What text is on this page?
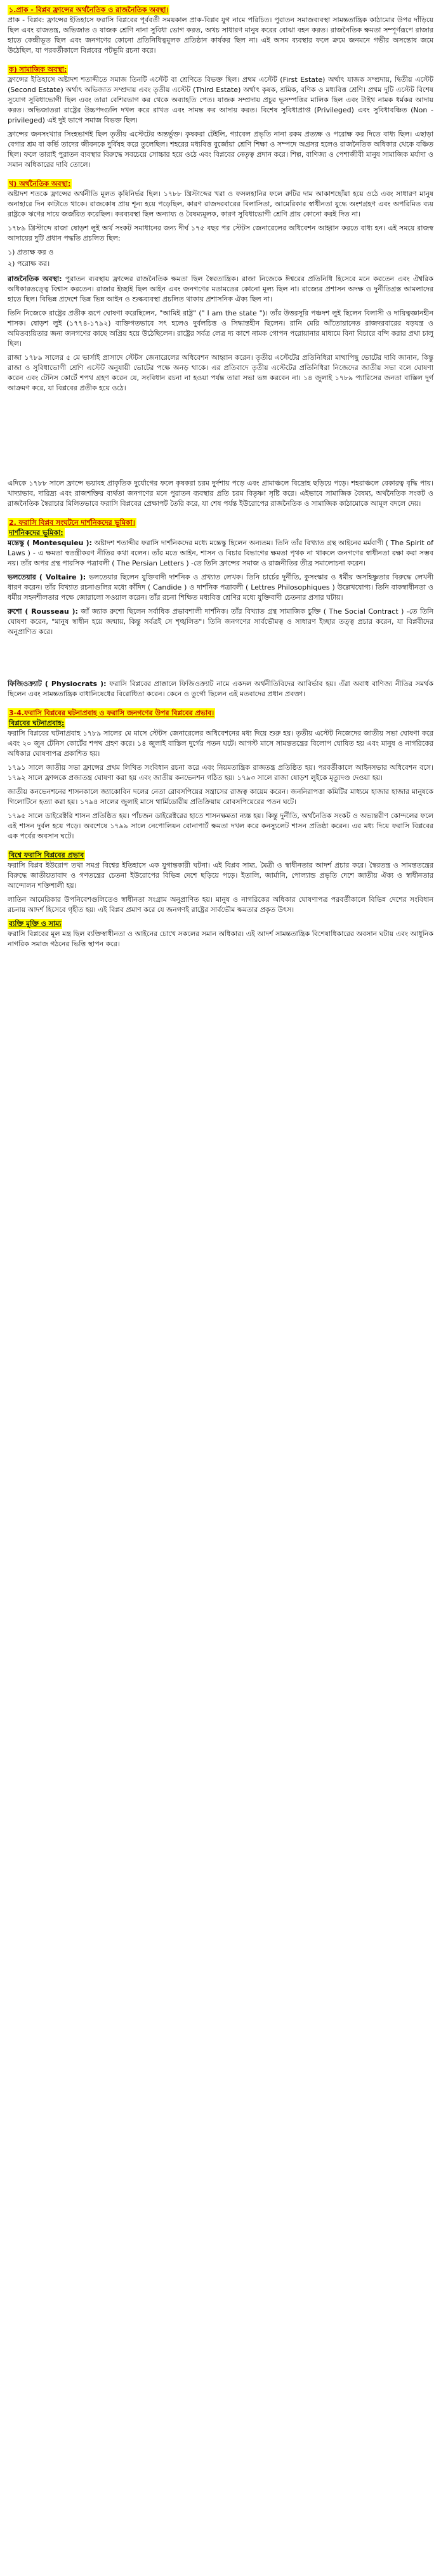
১.প্রাক - বিপ্লব ফ্রান্সের অর্থনৈতিক ও রাজনৈতিক অবস্থা।

প্রাক - বিপ্লব: ফ্রান্সের ইতিহাসে ফরাসি বিপ্লবের পূর্ববর্তী সময়কাল প্রাক-বিপ্লব যুগ নামে পরিচিত। পুরাতন সমাজব্যবস্থা সামন্ততান্ত্রিক কাঠামোর উপর দাঁড়িয়ে ছিল এবং রাজতন্ত্র, অভিজাত ও যাজক শ্রেণি নানা সুবিধা ভোগ করত, অথচ সাধারণ মানুষ করের বোঝা বহন করত। রাজনৈতিক ক্ষমতা সম্পূর্ণরূপে রাজার হাতে কেন্দ্রীভূত ছিল এবং জনগণের কোনো প্রতিনিধিত্বমূলক প্রতিষ্ঠান কার্যকর ছিল না। এই অসম ব্যবস্থার ফলে ক্রমে জনমনে গভীর অসন্তোষ জমে উঠেছিল, যা পরবর্তীকালে বিপ্লবের পটভূমি রচনা করে।

ক) সামাজিক অবস্থা:

ফ্রান্সের ইতিহাসে অষ্টাদশ শতাব্দীতে সমাজ তিনটি এস্টেট বা শ্রেণিতে বিভক্ত ছিল। প্রথম এস্টেট (First Estate) অর্থাৎ যাজক সম্প্রদায়, দ্বিতীয় এস্টেট (Second Estate) অর্থাৎ অভিজাত সম্প্রদায় এবং তৃতীয় এস্টেট (Third Estate) অর্থাৎ কৃষক, শ্রমিক, বণিক ও মধ্যবিত্ত শ্রেণি। প্রথম দুটি এস্টেট বিশেষ সুযোগ সুবিধাভোগী ছিল এবং তারা বেশিরভাগ কর থেকে অব্যাহতি পেত। যাজক সম্প্রদায় প্রচুর ভূসম্পত্তির মালিক ছিল এবং টাইথ নামক ধর্মকর আদায় করত। অভিজাতরা রাষ্ট্রের উচ্চপদগুলি দখল করে রাখত এবং সামন্ত কর আদায় করত। বিশেষ সুবিধাপ্রাপ্ত (Privileged) এবং সুবিধাবঞ্চিত (Non - privileged) এই দুই ভাগে সমাজ বিভক্ত ছিল।

ফ্রান্সের জনসংখ্যার সিংহভাগই ছিল তৃতীয় এস্টেটের অন্তর্ভুক্ত। কৃষকরা টেইলি, গ্যাবেল প্রভৃতি নানা রকম প্রত্যক্ষ ও পরোক্ষ কর দিতে বাধ্য ছিল। এছাড়া বেগার শ্রম বা কর্ভি তাদের জীবনকে দুর্বিষহ করে তুলেছিল। শহরের মধ্যবিত্ত বুর্জোয়া শ্রেণি শিক্ষা ও সম্পদে অগ্রসর হলেও রাজনৈতিক অধিকার থেকে বঞ্চিত ছিল। ফলে তারাই পুরাতন ব্যবস্থার বিরুদ্ধে সবচেয়ে সোচ্চার হয়ে ওঠে এবং বিপ্লবের নেতৃত্ব প্রদান করে। শিল্প, বাণিজ্য ও পেশাজীবী মানুষ সামাজিক মর্যাদা ও সমান অধিকারের দাবি তোলে।

খ) অর্থনৈতিক অবস্থা:

অষ্টাদশ শতকে ফ্রান্সের অর্থনীতি মূলত কৃষিনির্ভর ছিল। ১৭৮৮ খ্রিস্টাব্দের খরা ও ফসলহানির ফলে রুটির দাম আকাশছোঁয়া হয়ে ওঠে এবং সাধারণ মানুষ অনাহারে দিন কাটাতে থাকে। রাজকোষ প্রায় শূন্য হয়ে পড়েছিল, কারণ রাজদরবারের বিলাসিতা, আমেরিকার স্বাধীনতা যুদ্ধে অংশগ্রহণ এবং অপরিমিত ব্যয় রাষ্ট্রকে ঋণের দায়ে জর্জরিত করেছিল। করব্যবস্থা ছিল অন্যায্য ও বৈষম্যমূলক, কারণ সুবিধাভোগী শ্রেণি প্রায় কোনো করই দিত না।

১৭৮৯ খ্রিস্টাব্দে রাজা ষোড়শ লুই অর্থ সংকট সমাধানের জন্য দীর্ঘ ১৭৫ বছর পর স্টেটস জেনারেলের অধিবেশন আহ্বান করতে বাধ্য হন। এই সময়ে রাজস্ব আদায়ের দুটি প্রধান পদ্ধতি প্রচলিত ছিল:

১) প্রত্যক্ষ কর ও
২) পরোক্ষ কর।

রাজনৈতিক অবস্থা: পুরাতন ব্যবস্থায় ফ্রান্সের রাজনৈতিক ক্ষমতা ছিল স্বৈরতান্ত্রিক। রাজা নিজেকে ঈশ্বরের প্রতিনিধি হিসেবে মনে করতেন এবং ঐশ্বরিক অধিকারতত্ত্বে বিশ্বাস করতেন। রাজার ইচ্ছাই ছিল আইন এবং জনগণের মতামতের কোনো মূল্য ছিল না। রাজ্যের প্রশাসন অদক্ষ ও দুর্নীতিগ্রস্ত আমলাদের হাতে ছিল। বিভিন্ন প্রদেশে ভিন্ন ভিন্ন আইন ও শুল্কব্যবস্থা প্রচলিত থাকায় প্রশাসনিক ঐক্য ছিল না।

তিনি নিজেকে রাষ্ট্রের প্রতীক রূপে ঘোষণা করেছিলেন, "আমিই রাষ্ট্র" (" I am the state ")। তাঁর উত্তরসূরি পঞ্চদশ লুই ছিলেন বিলাসী ও দায়িত্বজ্ঞানহীন শাসক। ষোড়শ লুই (১৭৭৪-১৭৯২) ব্যক্তিগতভাবে সৎ হলেও দুর্বলচিত্ত ও সিদ্ধান্তহীন ছিলেন। রানি মেরি আঁতোয়ানেত রাজদরবারের ষড়যন্ত্র ও অমিতব্যয়িতার জন্য জনগণের কাছে অপ্রিয় হয়ে উঠেছিলেন। রাষ্ট্রের সর্বত্র লেত্র দ্য কাশে নামক গোপন পরোয়ানার মাধ্যমে বিনা বিচারে বন্দি করার প্রথা চালু ছিল।

রাজা ১৭৮৯ সালের ৫ মে ভার্সাই প্রাসাদে স্টেটস জেনারেলের অধিবেশন আহ্বান করেন। তৃতীয় এস্টেটের প্রতিনিধিরা মাথাপিছু ভোটের দাবি জানান, কিন্তু রাজা ও সুবিধাভোগী শ্রেণি এস্টেট অনুযায়ী ভোটের পক্ষে অনড় থাকে। এর প্রতিবাদে তৃতীয় এস্টেটের প্রতিনিধিরা নিজেদের জাতীয় সভা বলে ঘোষণা করেন এবং টেনিস কোর্টে শপথ গ্রহণ করেন যে, সংবিধান রচনা না হওয়া পর্যন্ত তারা সভা ভঙ্গ করবেন না। ১৪ জুলাই ১৭৮৯ প্যারিসের জনতা বাস্তিল দুর্গ আক্রমণ করে, যা বিপ্লবের প্রতীক হয়ে ওঠে।

এদিকে ১৭৮৮ সালে ফ্রান্সে ভয়াবহ প্রাকৃতিক দুর্যোগের ফলে কৃষকরা চরম দুর্দশায় পড়ে এবং গ্রামাঞ্চলে বিদ্রোহ ছড়িয়ে পড়ে। শহরাঞ্চলে বেকারত্ব বৃদ্ধি পায়। খাদ্যাভাব, দারিদ্র্য এবং রাজশক্তির ব্যর্থতা জনগণের মনে পুরাতন ব্যবস্থার প্রতি চরম বিতৃষ্ণা সৃষ্টি করে। এইভাবে সামাজিক বৈষম্য, অর্থনৈতিক সংকট ও রাজনৈতিক স্বৈরাচার মিলিতভাবে ফরাসি বিপ্লবের প্রেক্ষাপট তৈরি করে, যা শেষ পর্যন্ত ইউরোপের রাজনৈতিক ও সামাজিক কাঠামোকে আমূল বদলে দেয়।

2. ফরাসি বিপ্লব সংঘটনে দার্শনিকদের ভূমিকা।
দার্শনিকদের ভূমিকা:

মন্তেস্কু ( Montesquieu ): অষ্টাদশ শতাব্দীর ফরাসি দার্শনিকদের মধ্যে মন্তেস্কু ছিলেন অন্যতম। তিনি তাঁর বিখ্যাত গ্রন্থ আইনের মর্মবাণী ( The Spirit of Laws ) - এ ক্ষমতা স্বতন্ত্রীকরণ নীতির কথা বলেন। তাঁর মতে আইন, শাসন ও বিচার বিভাগের ক্ষমতা পৃথক না থাকলে জনগণের স্বাধীনতা রক্ষা করা সম্ভব নয়। তাঁর অপর গ্রন্থ পারসিক পত্রাবলী ( The Persian Letters ) -তে তিনি ফ্রান্সের সমাজ ও রাজনীতির তীব্র সমালোচনা করেন।

ভলতেয়ার ( Voltaire ): ভলতেয়ার ছিলেন যুক্তিবাদী দার্শনিক ও প্রখ্যাত লেখক। তিনি চার্চের দুর্নীতি, কুসংস্কার ও ধর্মীয় অসহিষ্ণুতার বিরুদ্ধে লেখনী ধারণ করেন। তাঁর বিখ্যাত রচনাগুলির মধ্যে কাঁদিদ ( Candide ) ও দার্শনিক পত্রাবলী ( Lettres Philosophiques ) উল্লেখযোগ্য। তিনি বাকস্বাধীনতা ও ধর্মীয় সহনশীলতার পক্ষে জোরালো সওয়াল করেন। তাঁর রচনা শিক্ষিত মধ্যবিত্ত শ্রেণির মধ্যে যুক্তিবাদী চেতনার প্রসার ঘটায়।

রুশো ( Rousseau ): জাঁ জ্যাক রুশো ছিলেন সর্বাধিক প্রভাবশালী দার্শনিক। তাঁর বিখ্যাত গ্রন্থ সামাজিক চুক্তি ( The Social Contract ) -তে তিনি ঘোষণা করেন, "মানুষ স্বাধীন হয়ে জন্মায়, কিন্তু সর্বত্রই সে শৃঙ্খলিত"। তিনি জনগণের সার্বভৌমত্ব ও সাধারণ ইচ্ছার তত্ত্ব প্রচার করেন, যা বিপ্লবীদের অনুপ্রাণিত করে।

ফিজিওক্র্যাট ( Physiocrats ): ফরাসি বিপ্লবের প্রাক্কালে ফিজিওক্র্যাট নামে একদল অর্থনীতিবিদের আবির্ভাব হয়। এঁরা অবাধ বাণিজ্য নীতির সমর্থক ছিলেন এবং সামন্ততান্ত্রিক বাধানিষেধের বিরোধিতা করেন। কেনে ও তুর্গো ছিলেন এই মতবাদের প্রধান প্রবক্তা।

3-4.ফরাসি বিপ্লবের ঘটনাপ্রবাহ ও ফরাসি জনগণের উপর বিপ্লবের প্রভাব।
বিপ্লবের ঘটনাপ্রবাহ:

ফরাসি বিপ্লবের ঘটনাপ্রবাহ ১৭৮৯ সালের মে মাসে স্টেটস জেনারেলের অধিবেশনের মধ্য দিয়ে শুরু হয়। তৃতীয় এস্টেট নিজেদের জাতীয় সভা ঘোষণা করে এবং ২০ জুন টেনিস কোর্টের শপথ গ্রহণ করে। ১৪ জুলাই বাস্তিল দুর্গের পতন ঘটে। আগস্ট মাসে সামন্ততন্ত্রের বিলোপ ঘোষিত হয় এবং মানুষ ও নাগরিকের অধিকার ঘোষণাপত্র প্রকাশিত হয়।

১৭৯১ সালে জাতীয় সভা ফ্রান্সের প্রথম লিখিত সংবিধান রচনা করে এবং নিয়মতান্ত্রিক রাজতন্ত্র প্রতিষ্ঠিত হয়। পরবর্তীকালে আইনসভার অধিবেশন বসে। ১৭৯২ সালে ফ্রান্সকে প্রজাতন্ত্র ঘোষণা করা হয় এবং জাতীয় কনভেনশন গঠিত হয়। ১৭৯৩ সালে রাজা ষোড়শ লুইকে মৃত্যুদণ্ড দেওয়া হয়।

জাতীয় কনভেনশনের শাসনকালে জ্যাকোবিন দলের নেতা রোবসপিয়ের সন্ত্রাসের রাজত্ব কায়েম করেন। জননিরাপত্তা কমিটির মাধ্যমে হাজার হাজার মানুষকে গিলোটিনে হত্যা করা হয়। ১৭৯৪ সালের জুলাই মাসে থার্মিডোরীয় প্রতিক্রিয়ায় রোবসপিয়েরের পতন ঘটে।

১৭৯৫ সালে ডাইরেক্টরি শাসন প্রতিষ্ঠিত হয়। পাঁচজন ডাইরেক্টরের হাতে শাসনক্ষমতা ন্যস্ত হয়। কিন্তু দুর্নীতি, অর্থনৈতিক সংকট ও অভ্যন্তরীণ কোন্দলের ফলে এই শাসন দুর্বল হয়ে পড়ে। অবশেষে ১৭৯৯ সালে নেপোলিয়ন বোনাপার্ট ক্ষমতা দখল করে কনস্যুলেট শাসন প্রতিষ্ঠা করেন। এর মধ্য দিয়ে ফরাসি বিপ্লবের এক পর্বের অবসান ঘটে।

বিশ্বে ফরাসি বিপ্লবের প্রভাব

ফরাসি বিপ্লব ইউরোপ তথা সমগ্র বিশ্বের ইতিহাসে এক যুগান্তকারী ঘটনা। এই বিপ্লব সাম্য, মৈত্রী ও স্বাধীনতার আদর্শ প্রচার করে। স্বৈরতন্ত্র ও সামন্ততন্ত্রের বিরুদ্ধে জাতীয়তাবাদ ও গণতন্ত্রের চেতনা ইউরোপের বিভিন্ন দেশে ছড়িয়ে পড়ে। ইতালি, জার্মানি, পোল্যান্ড প্রভৃতি দেশে জাতীয় ঐক্য ও স্বাধীনতার আন্দোলন শক্তিশালী হয়।

লাতিন আমেরিকার উপনিবেশগুলিতেও স্বাধীনতা সংগ্রাম অনুপ্রাণিত হয়। মানুষ ও নাগরিকের অধিকার ঘোষণাপত্র পরবর্তীকালে বিভিন্ন দেশের সংবিধান রচনায় আদর্শ হিসেবে গৃহীত হয়। এই বিপ্লব প্রমাণ করে যে জনগণই রাষ্ট্রের সার্বভৌম ক্ষমতার প্রকৃত উৎস।

ব্যক্তি মুক্তি ও সাম্য

ফরাসি বিপ্লবের মূল মন্ত্র ছিল ব্যক্তিস্বাধীনতা ও আইনের চোখে সকলের সমান অধিকার। এই আদর্শ সামন্ততান্ত্রিক বিশেষাধিকারের অবসান ঘটায় এবং আধুনিক নাগরিক সমাজ গঠনের ভিত্তি স্থাপন করে।
